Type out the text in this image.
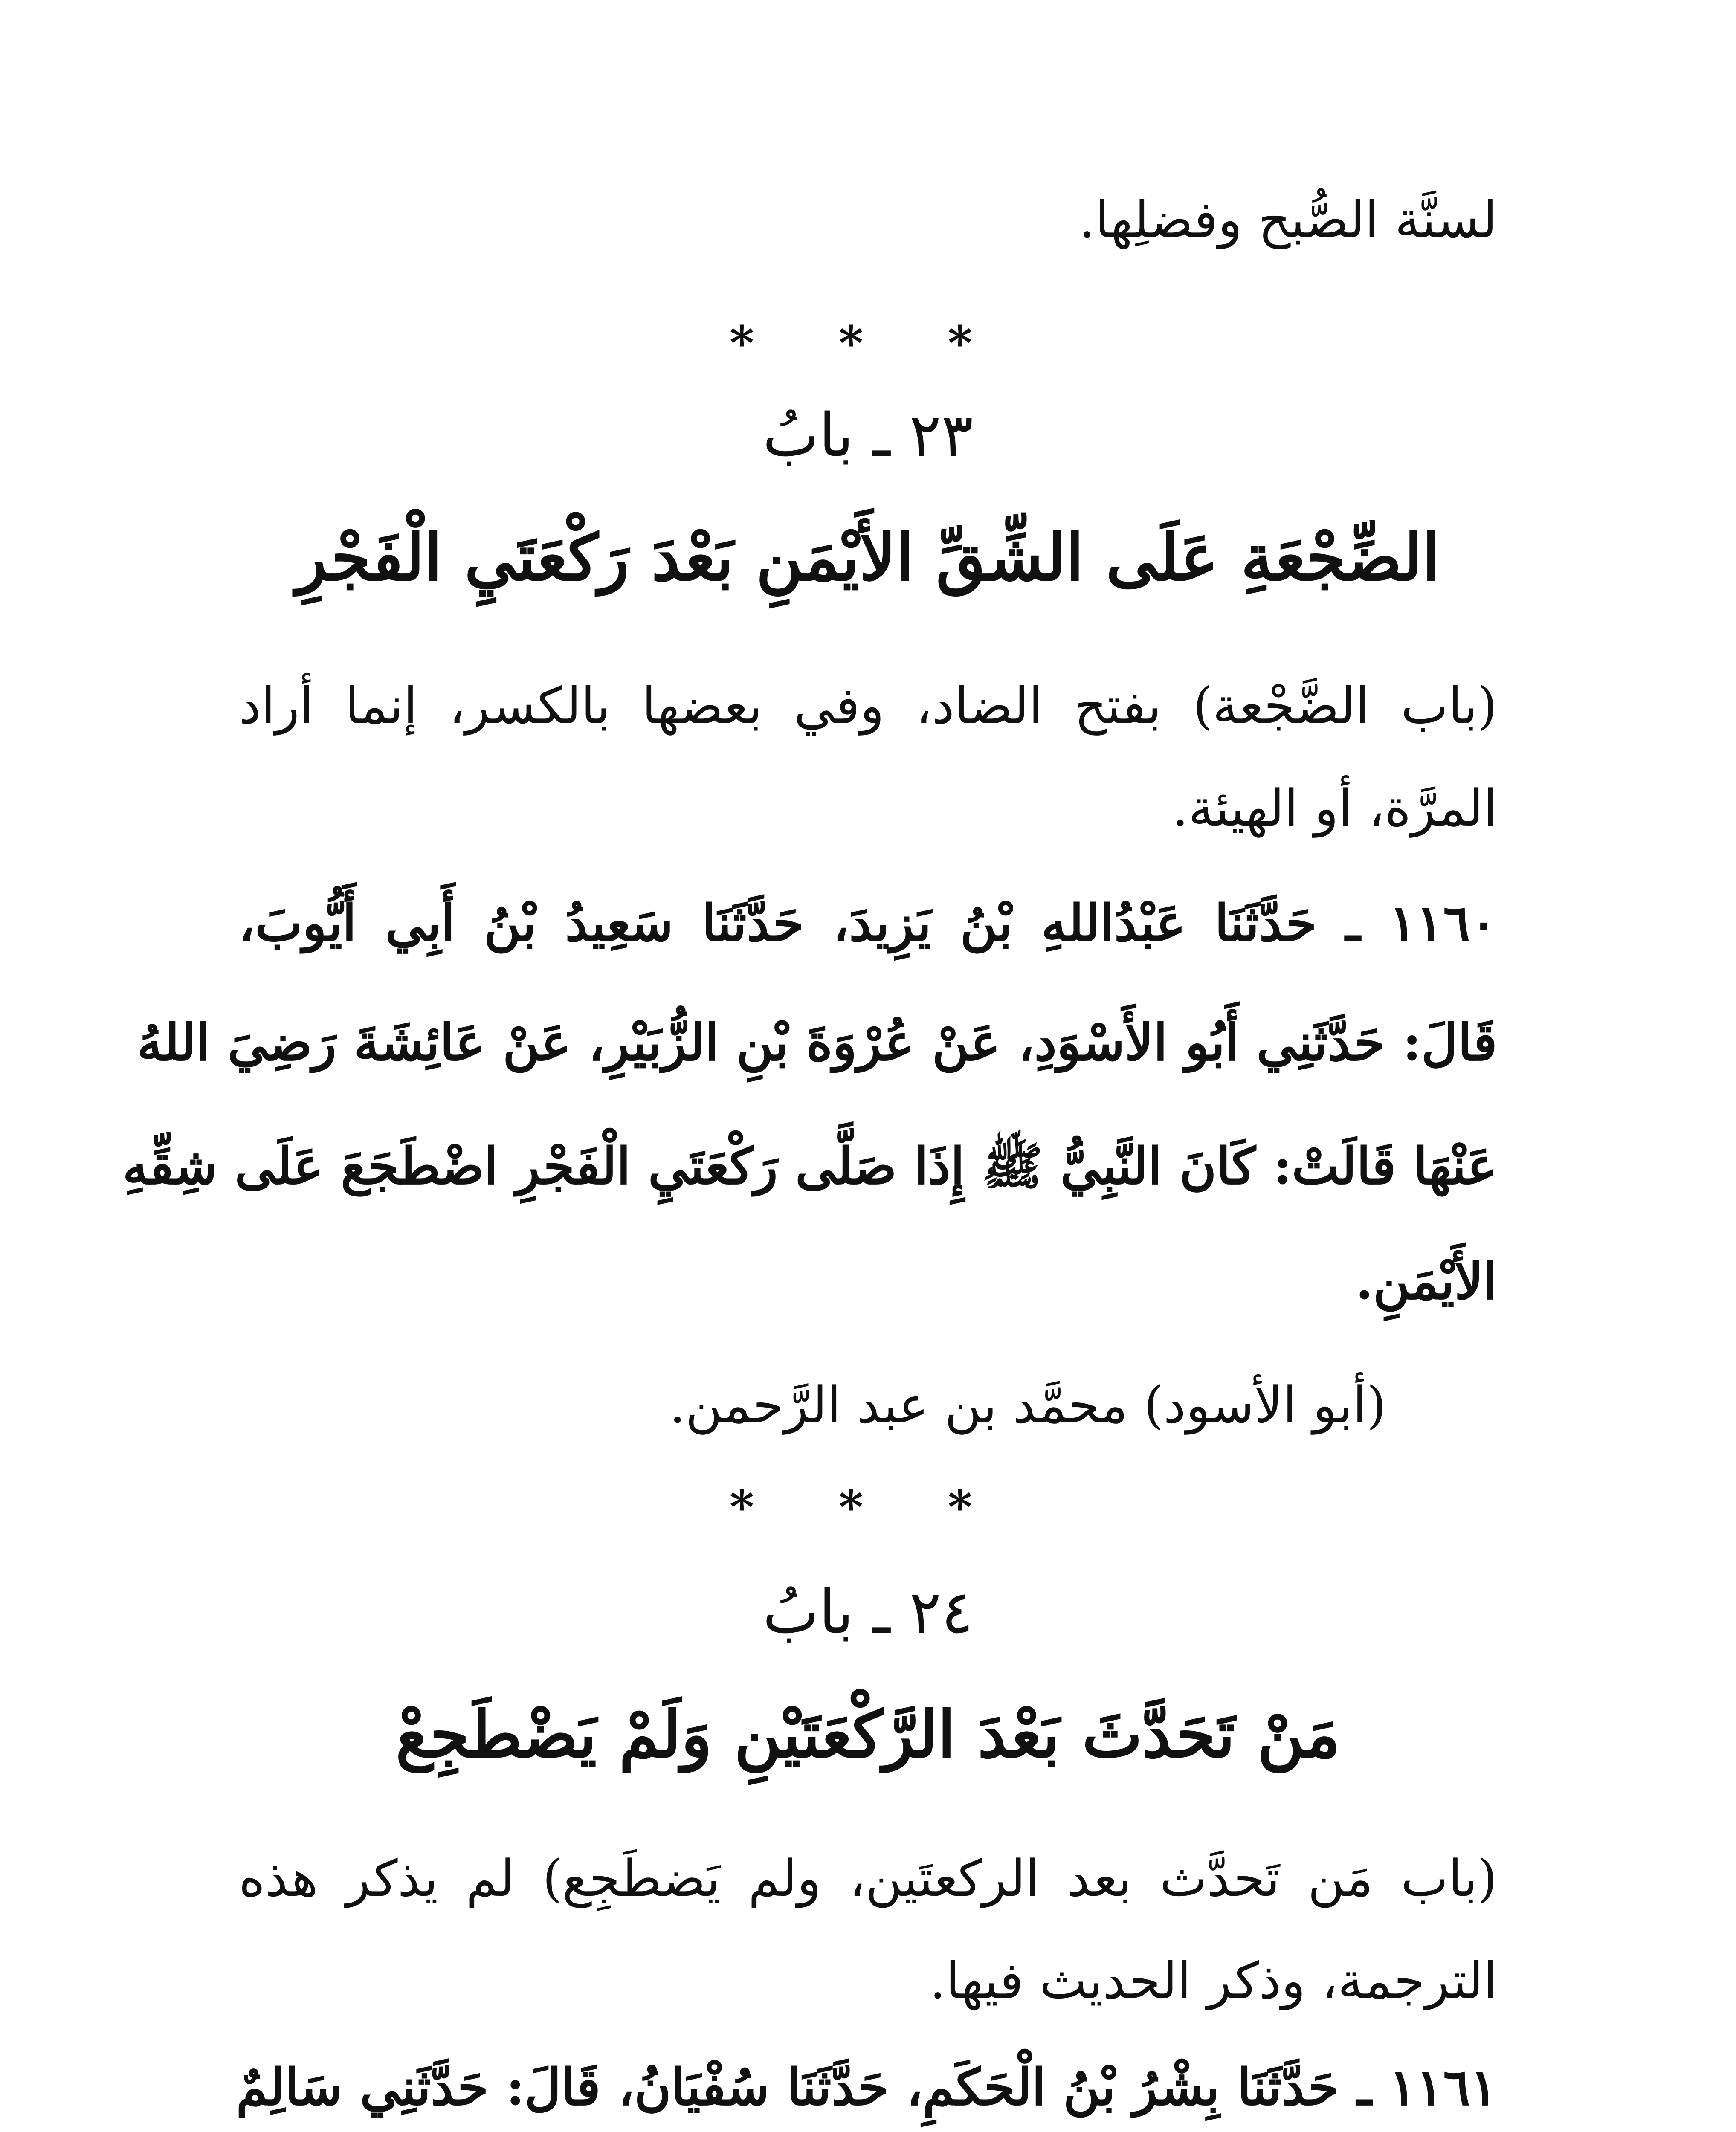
لسنَّة الصُّبح وفضلِها.
* * *
٢٣ ـ بابُ
الضِّجْعَةِ عَلَى الشِّقِّ الأَيْمَنِ بَعْدَ رَكْعَتَيِ الْفَجْرِ
(باب الضَّجْعة) بفتح الضاد، وفي بعضها بالكسر، إنما أراد
المرَّة، أو الهيئة.
١١٦٠ ـ حَدَّثَنَا عَبْدُاللهِ بْنُ يَزِيدَ، حَدَّثَنَا سَعِيدُ بْنُ أَبِي أَيُّوبَ،
قَالَ: حَدَّثَنِي أَبُو الأَسْوَدِ، عَنْ عُرْوَةَ بْنِ الزُّبَيْرِ، عَنْ عَائِشَةَ رَضِيَ اللهُ
عَنْهَا قَالَتْ: كَانَ النَّبِيُّ ﷺ إِذَا صَلَّى رَكْعَتَيِ الْفَجْرِ اضْطَجَعَ عَلَى شِقِّهِ
الأَيْمَنِ.
(أبو الأسود) محمَّد بن عبد الرَّحمن.
* * *
٢٤ ـ بابُ
مَنْ تَحَدَّثَ بَعْدَ الرَّكْعَتَيْنِ وَلَمْ يَضْطَجِعْ
(باب مَن تَحدَّث بعد الركعتَين، ولم يَضطَجِع) لم يذكر هذه
الترجمة، وذكر الحديث فيها.
١١٦١ ـ حَدَّثَنَا بِشْرُ بْنُ الْحَكَمِ، حَدَّثَنَا سُفْيَانُ، قَالَ: حَدَّثَنِي سَالِمٌ
